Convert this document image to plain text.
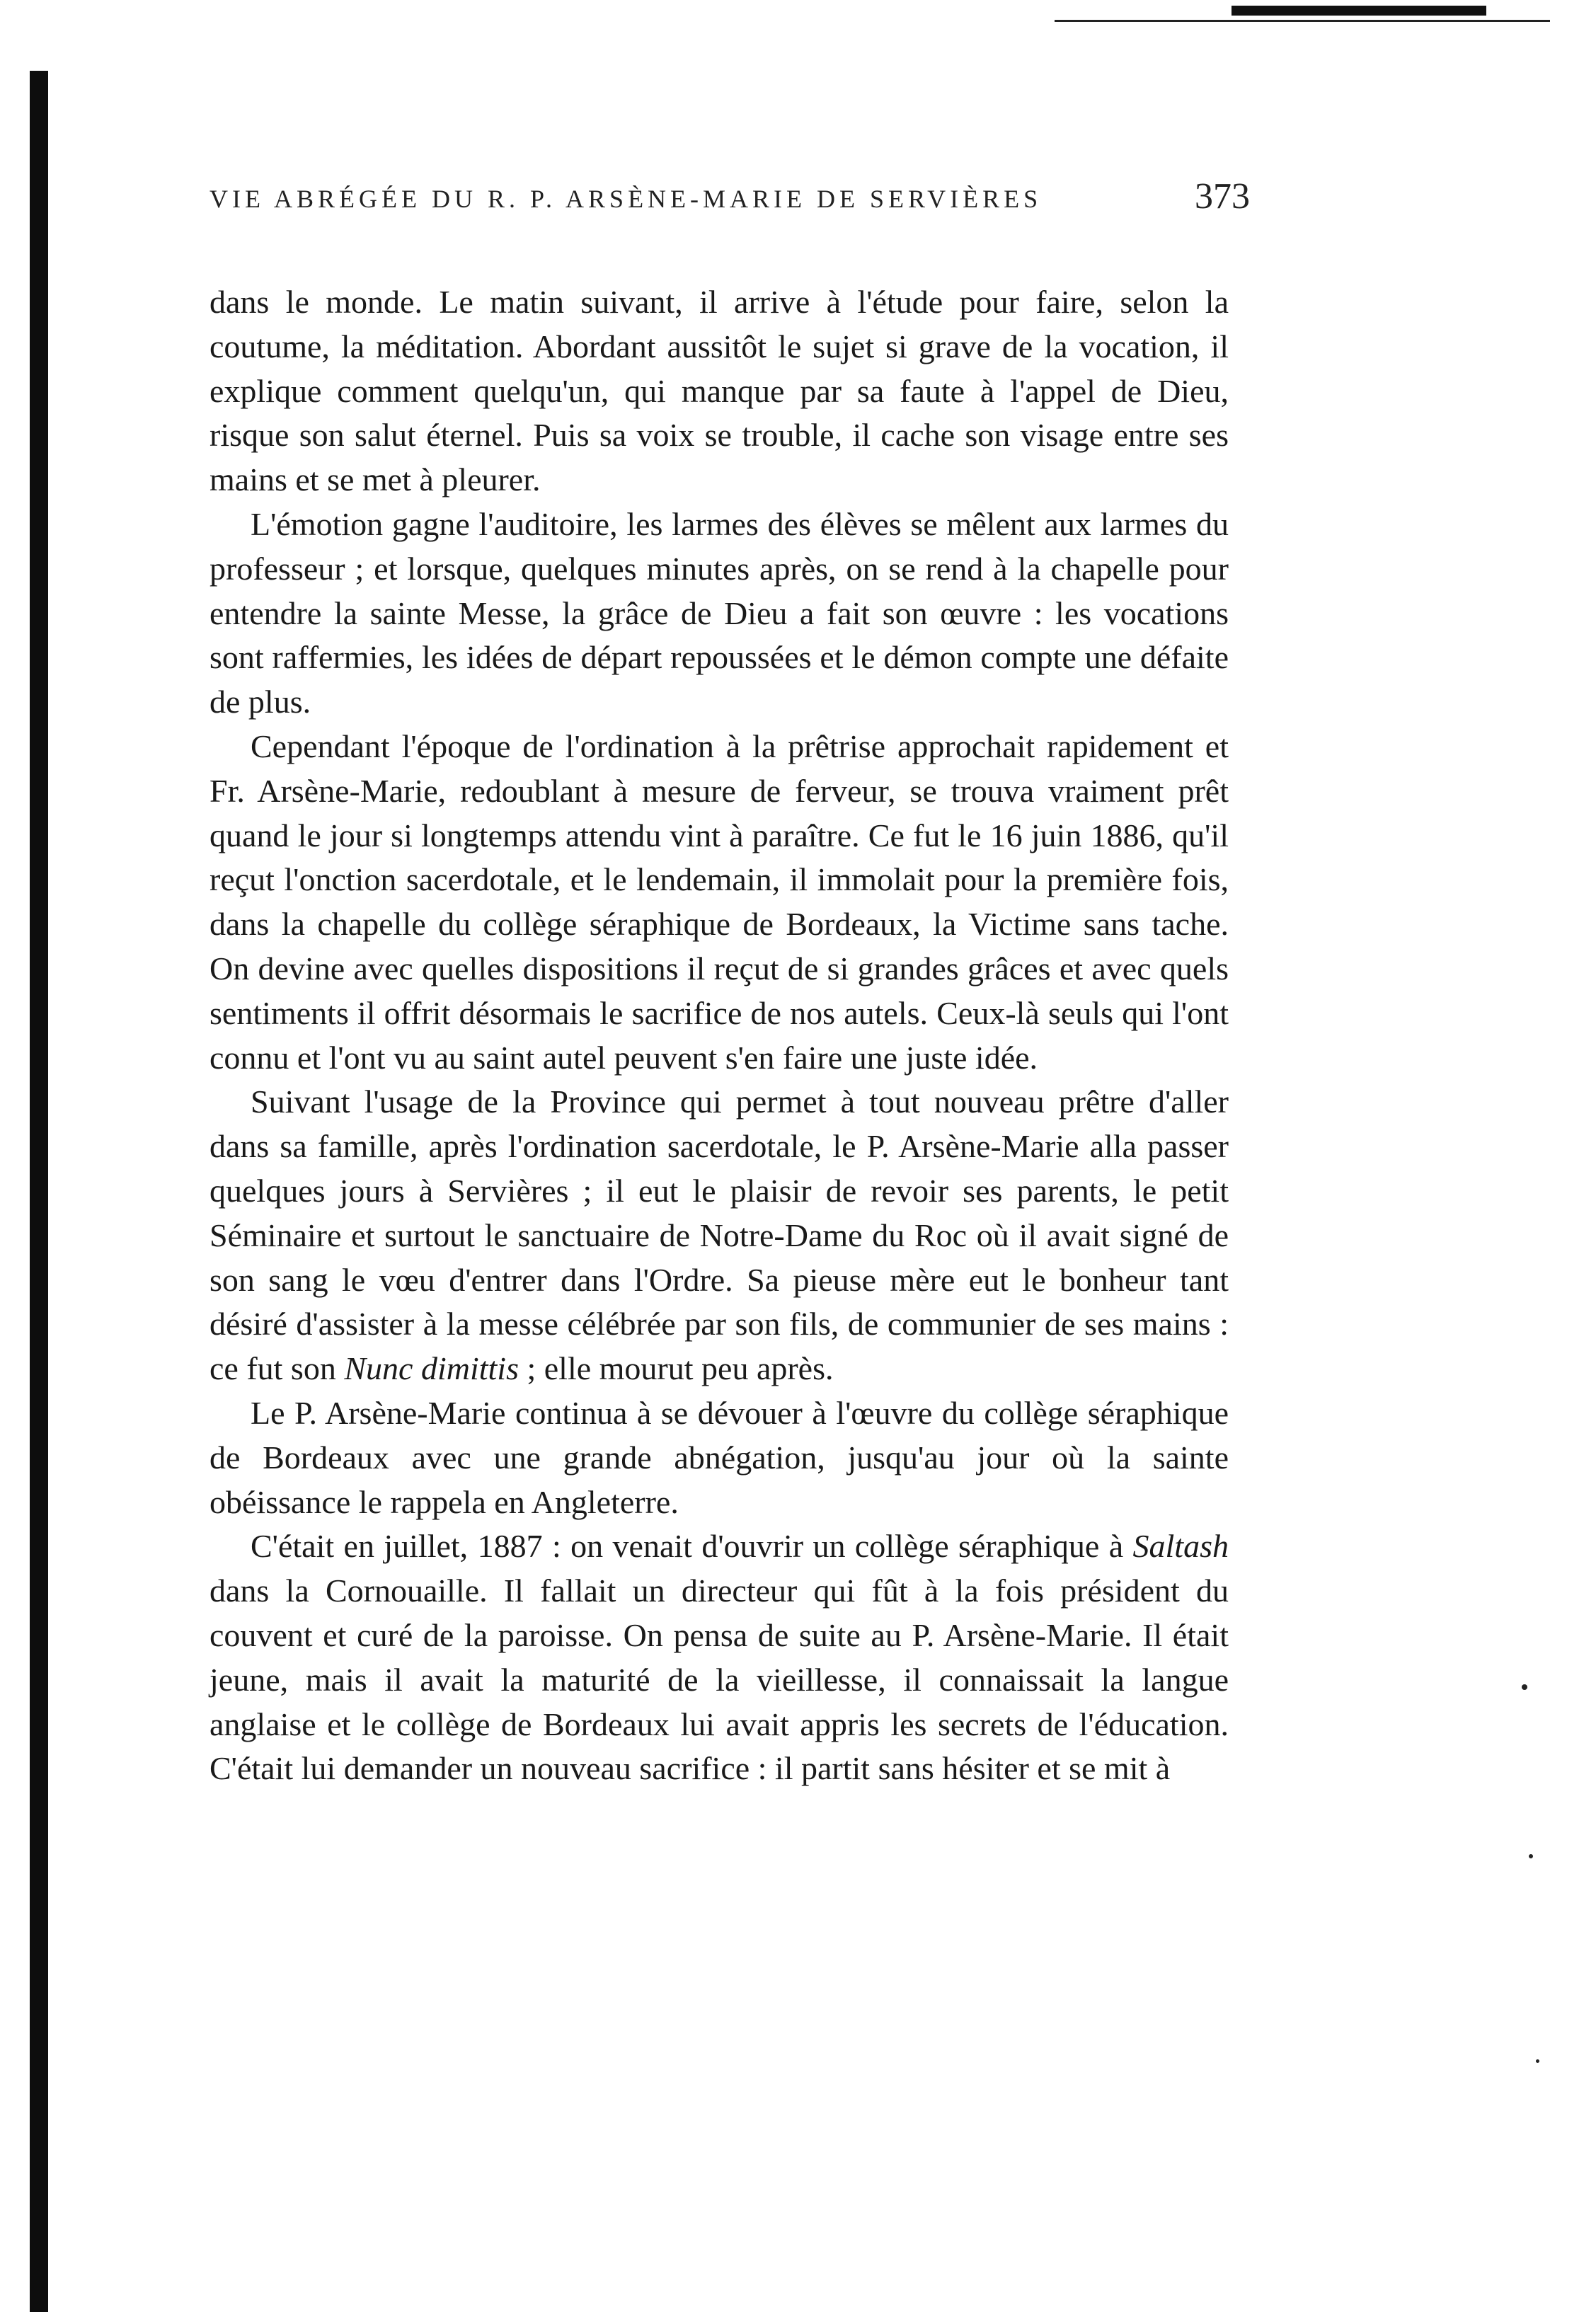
VIE ABRÉGÉE DU R. P. ARSÈNE-MARIE DE SERVIÈRES	373

dans le monde. Le matin suivant, il arrive à l'étude pour faire, selon la coutume, la méditation. Abordant aussitôt le sujet si grave de la vocation, il explique comment quelqu'un, qui manque par sa faute à l'appel de Dieu, risque son salut éternel. Puis sa voix se trouble, il cache son visage entre ses mains et se met à pleurer.

L'émotion gagne l'auditoire, les larmes des élèves se mêlent aux larmes du professeur ; et lorsque, quelques minutes après, on se rend à la chapelle pour entendre la sainte Messe, la grâce de Dieu a fait son œuvre : les vocations sont raffermies, les idées de départ repoussées et le démon compte une défaite de plus.

Cependant l'époque de l'ordination à la prêtrise approchait rapidement et Fr. Arsène-Marie, redoublant à mesure de ferveur, se trouva vraiment prêt quand le jour si longtemps attendu vint à paraître. Ce fut le 16 juin 1886, qu'il reçut l'onction sacerdotale, et le lendemain, il immolait pour la première fois, dans la chapelle du collège séraphique de Bordeaux, la Victime sans tache. On devine avec quelles dispositions il reçut de si grandes grâces et avec quels sentiments il offrit désormais le sacrifice de nos autels. Ceux-là seuls qui l'ont connu et l'ont vu au saint autel peuvent s'en faire une juste idée.

Suivant l'usage de la Province qui permet à tout nouveau prêtre d'aller dans sa famille, après l'ordination sacerdotale, le P. Arsène-Marie alla passer quelques jours à Servières ; il eut le plaisir de revoir ses parents, le petit Séminaire et surtout le sanctuaire de Notre-Dame du Roc où il avait signé de son sang le vœu d'entrer dans l'Ordre. Sa pieuse mère eut le bonheur tant désiré d'assister à la messe célébrée par son fils, de communier de ses mains : ce fut son Nunc dimittis ; elle mourut peu après.

Le P. Arsène-Marie continua à se dévouer à l'œuvre du collège séraphique de Bordeaux avec une grande abnégation, jusqu'au jour où la sainte obéissance le rappela en Angleterre.

C'était en juillet, 1887 : on venait d'ouvrir un collège séraphique à Saltash dans la Cornouaille. Il fallait un directeur qui fût à la fois président du couvent et curé de la paroisse. On pensa de suite au P. Arsène-Marie. Il était jeune, mais il avait la maturité de la vieillesse, il connaissait la langue anglaise et le collège de Bordeaux lui avait appris les secrets de l'éducation. C'était lui demander un nouveau sacrifice : il partit sans hésiter et se mit à
